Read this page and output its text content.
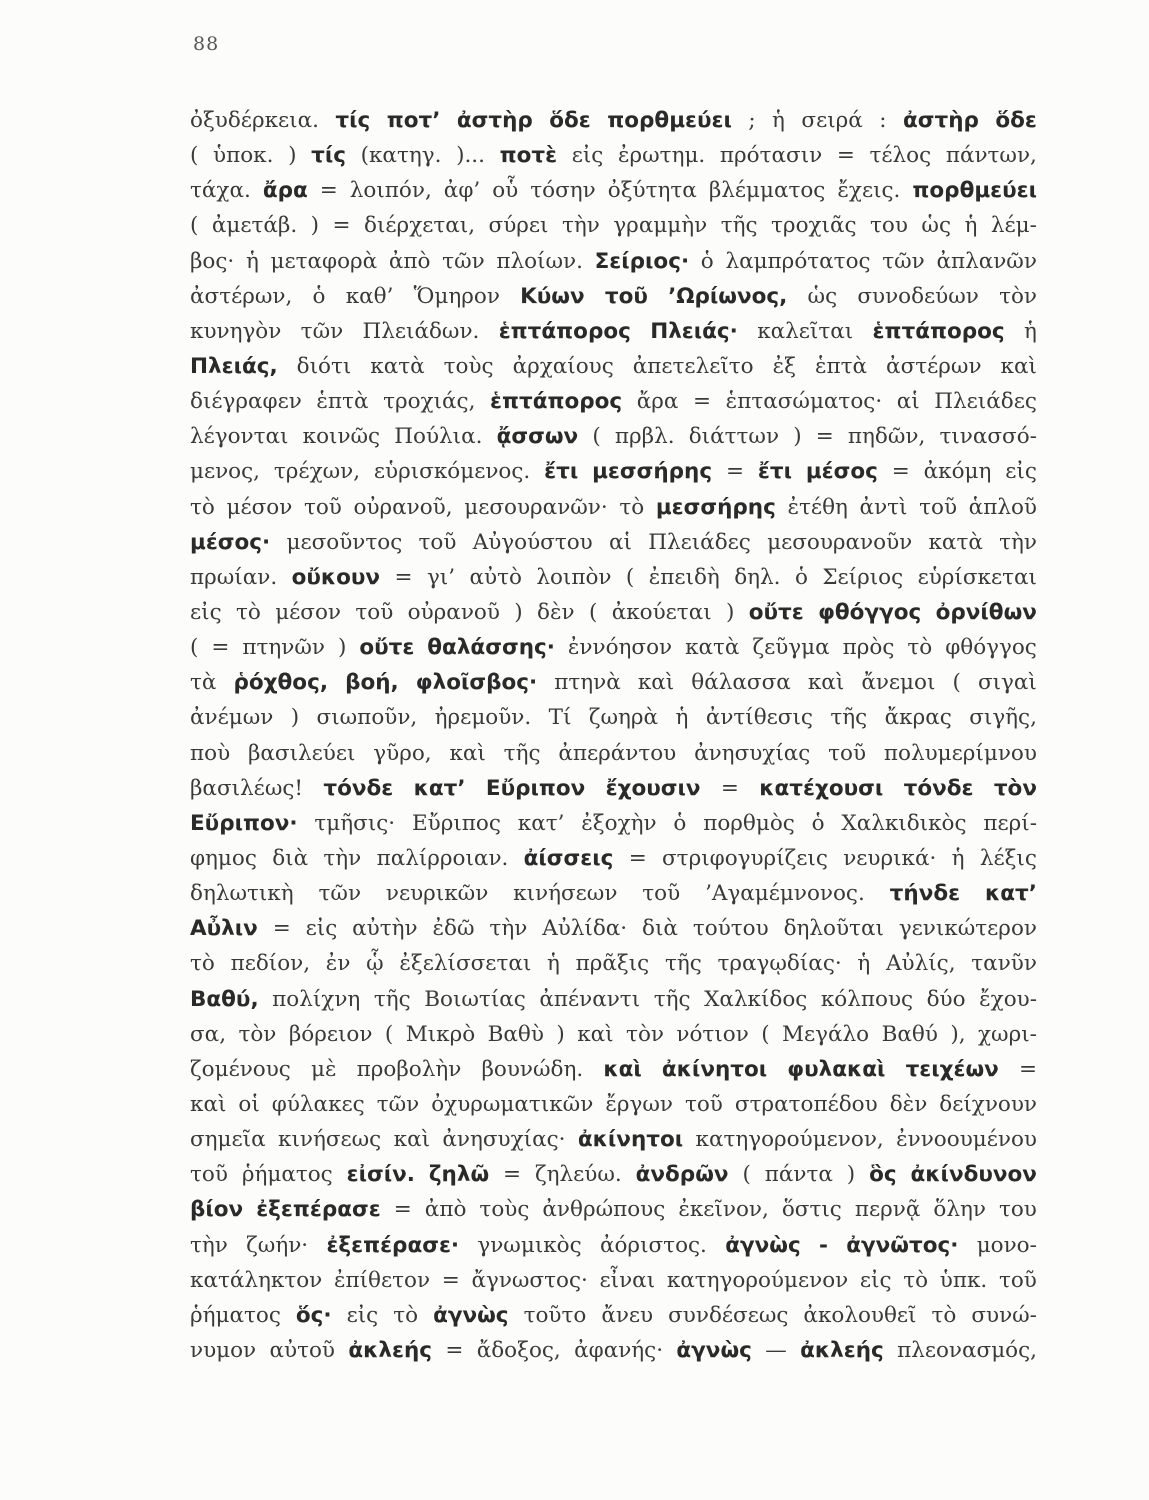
88
ὀξυδέρκεια. τίς ποτ’ ἀστὴρ ὅδε πορθμεύει ; ἡ σειρά : ἀστὴρ ὅδε
( ὑποκ. ) τίς (κατηγ. )... ποτὲ εἰς ἐρωτημ. πρότασιν = τέλος πάντων,
τάχα. ἄρα = λοιπόν, ἀφ’ οὗ τόσην ὀξύτητα βλέμματος ἔχεις. πορθμεύει
( ἀμετάβ. ) = διέρχεται, σύρει τὴν γραμμὴν τῆς τροχιᾶς του ὡς ἡ λέμ-
βος· ἡ μεταφορὰ ἀπὸ τῶν πλοίων. Σείριος· ὁ λαμπρότατος τῶν ἀπλανῶν
ἀστέρων, ὁ καθ’ Ὅμηρον Κύων τοῦ ’Ωρίωνος, ὡς συνοδεύων τὸν
κυνηγὸν τῶν Πλειάδων. ἑπτάπορος Πλειάς· καλεῖται ἑπτάπορος ἡ
Πλειάς, διότι κατὰ τοὺς ἀρχαίους ἀπετελεῖτο ἐξ ἑπτὰ ἀστέρων καὶ
διέγραφεν ἑπτὰ τροχιάς, ἑπτάπορος ἄρα = ἑπτασώματος· αἱ Πλειάδες
λέγονται κοινῶς Πούλια. ᾄσσων ( πρβλ. διάττων ) = πηδῶν, τινασσό-
μενος, τρέχων, εὑρισκόμενος. ἔτι μεσσήρης = ἔτι μέσος = ἀκόμη εἰς
τὸ μέσον τοῦ οὐρανοῦ, μεσουρανῶν· τὸ μεσσήρης ἐτέθη ἀντὶ τοῦ ἁπλοῦ
μέσος· μεσοῦντος τοῦ Αὐγούστου αἱ Πλειάδες μεσουρανοῦν κατὰ τὴν
πρωίαν. οὔκουν = γι’ αὐτὸ λοιπὸν ( ἐπειδὴ δηλ. ὁ Σείριος εὑρίσκεται
εἰς τὸ μέσον τοῦ οὐρανοῦ ) δὲν ( ἀκούεται ) οὔτε φθόγγος ὀρνίθων
( = πτηνῶν ) οὔτε θαλάσσης· ἐννόησον κατὰ ζεῦγμα πρὸς τὸ φθόγγος
τὰ ῥόχθος, βοή, φλοῖσβος· πτηνὰ καὶ θάλασσα καὶ ἄνεμοι ( σιγαὶ
ἀνέμων ) σιωποῦν, ἠρεμοῦν. Τί ζωηρὰ ἡ ἀντίθεσις τῆς ἄκρας σιγῆς,
ποὺ βασιλεύει γῦρο, καὶ τῆς ἀπεράντου ἀνησυχίας τοῦ πολυμερίμνου
βασιλέως! τόνδε κατ’ Εὔριπον ἔχουσιν = κατέχουσι τόνδε τὸν
Εὔριπον· τμῆσις· Εὔριπος κατ’ ἐξοχὴν ὁ πορθμὸς ὁ Χαλκιδικὸς περί-
φημος διὰ τὴν παλίρροιαν. ἀίσσεις = στριφογυρίζεις νευρικά· ἡ λέξις
δηλωτικὴ τῶν νευρικῶν κινήσεων τοῦ ’Αγαμέμνονος. τήνδε κατ’
Αὖλιν = εἰς αὐτὴν ἐδῶ τὴν Αὐλίδα· διὰ τούτου δηλοῦται γενικώτερον
τὸ πεδίον, ἐν ᾧ ἐξελίσσεται ἡ πρᾶξις τῆς τραγῳδίας· ἡ Αὐλίς, τανῦν
Βαθύ, πολίχνη τῆς Βοιωτίας ἀπέναντι τῆς Χαλκίδος κόλπους δύο ἔχου-
σα, τὸν βόρειον ( Μικρὸ Βαθὺ ) καὶ τὸν νότιον ( Μεγάλο Βαθύ ), χωρι-
ζομένους μὲ προβολὴν βουνώδη. καὶ ἀκίνητοι φυλακαὶ τειχέων =
καὶ οἱ φύλακες τῶν ὀχυρωματικῶν ἔργων τοῦ στρατοπέδου δὲν δείχνουν
σημεῖα κινήσεως καὶ ἀνησυχίας· ἀκίνητοι κατηγορούμενον, ἐννοουμένου
τοῦ ῥήματος εἰσίν. ζηλῶ = ζηλεύω. ἀνδρῶν ( πάντα ) ὃς ἀκίνδυνον
βίον ἐξεπέρασε = ἀπὸ τοὺς ἀνθρώπους ἐκεῖνον, ὅστις περνᾷ ὅλην του
τὴν ζωήν· ἐξεπέρασε· γνωμικὸς ἀόριστος. ἀγνὼς - ἀγνῶτος· μονο-
κατάληκτον ἐπίθετον = ἄγνωστος· εἶναι κατηγορούμενον εἰς τὸ ὑπκ. τοῦ
ῥήματος ὅς· εἰς τὸ ἀγνὼς τοῦτο ἄνευ συνδέσεως ἀκολουθεῖ τὸ συνώ-
νυμον αὐτοῦ ἀκλεής = ἄδοξος, ἀφανής· ἀγνὼς — ἀκλεής πλεονασμός,
